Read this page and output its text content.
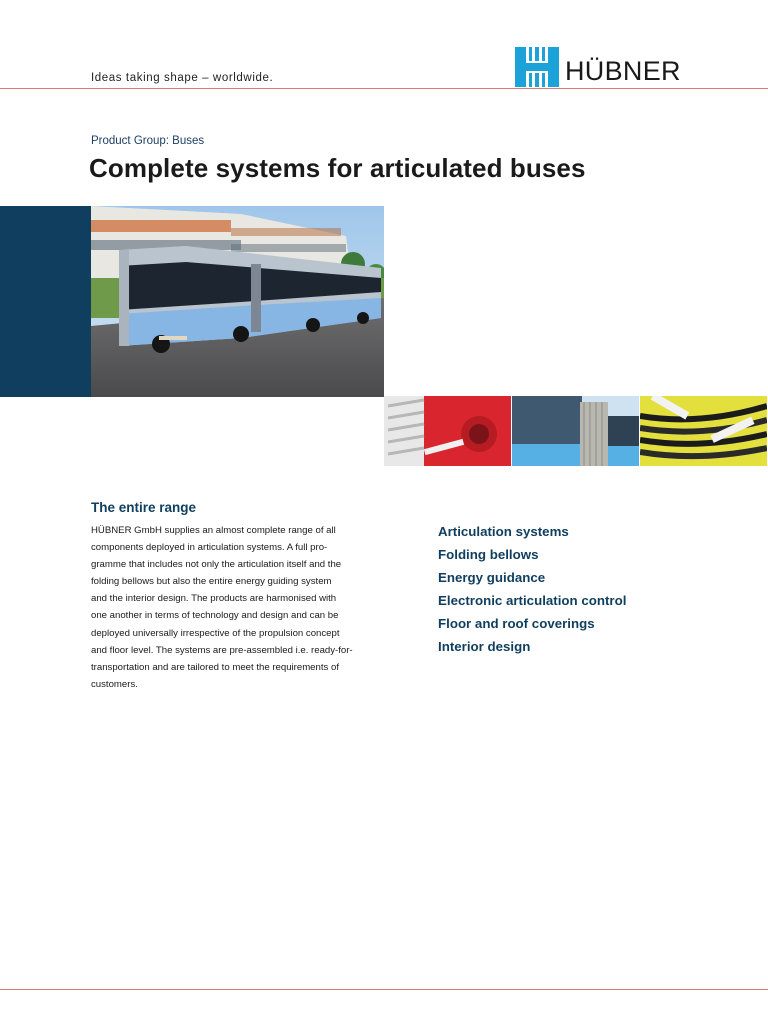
Ideas taking shape – worldwide.	HÜBNER
Product Group: Buses
Complete systems for articulated buses
The entire range
HÜBNER GmbH supplies an almost complete range of all
components deployed in articulation systems. A full pro-
gramme that includes not only the articulation itself and the
folding bellows but also the entire energy guiding system
and the interior design. The products are harmonised with
one another in terms of technology and design and can be
deployed universally irrespective of the propulsion concept
and floor level. The systems are pre-assembled i.e. ready-for-
transportation and are tailored to meet the requirements of
customers.
Articulation systems
Folding bellows
Energy guidance
Electronic articulation control
Floor and roof coverings
Interior design
